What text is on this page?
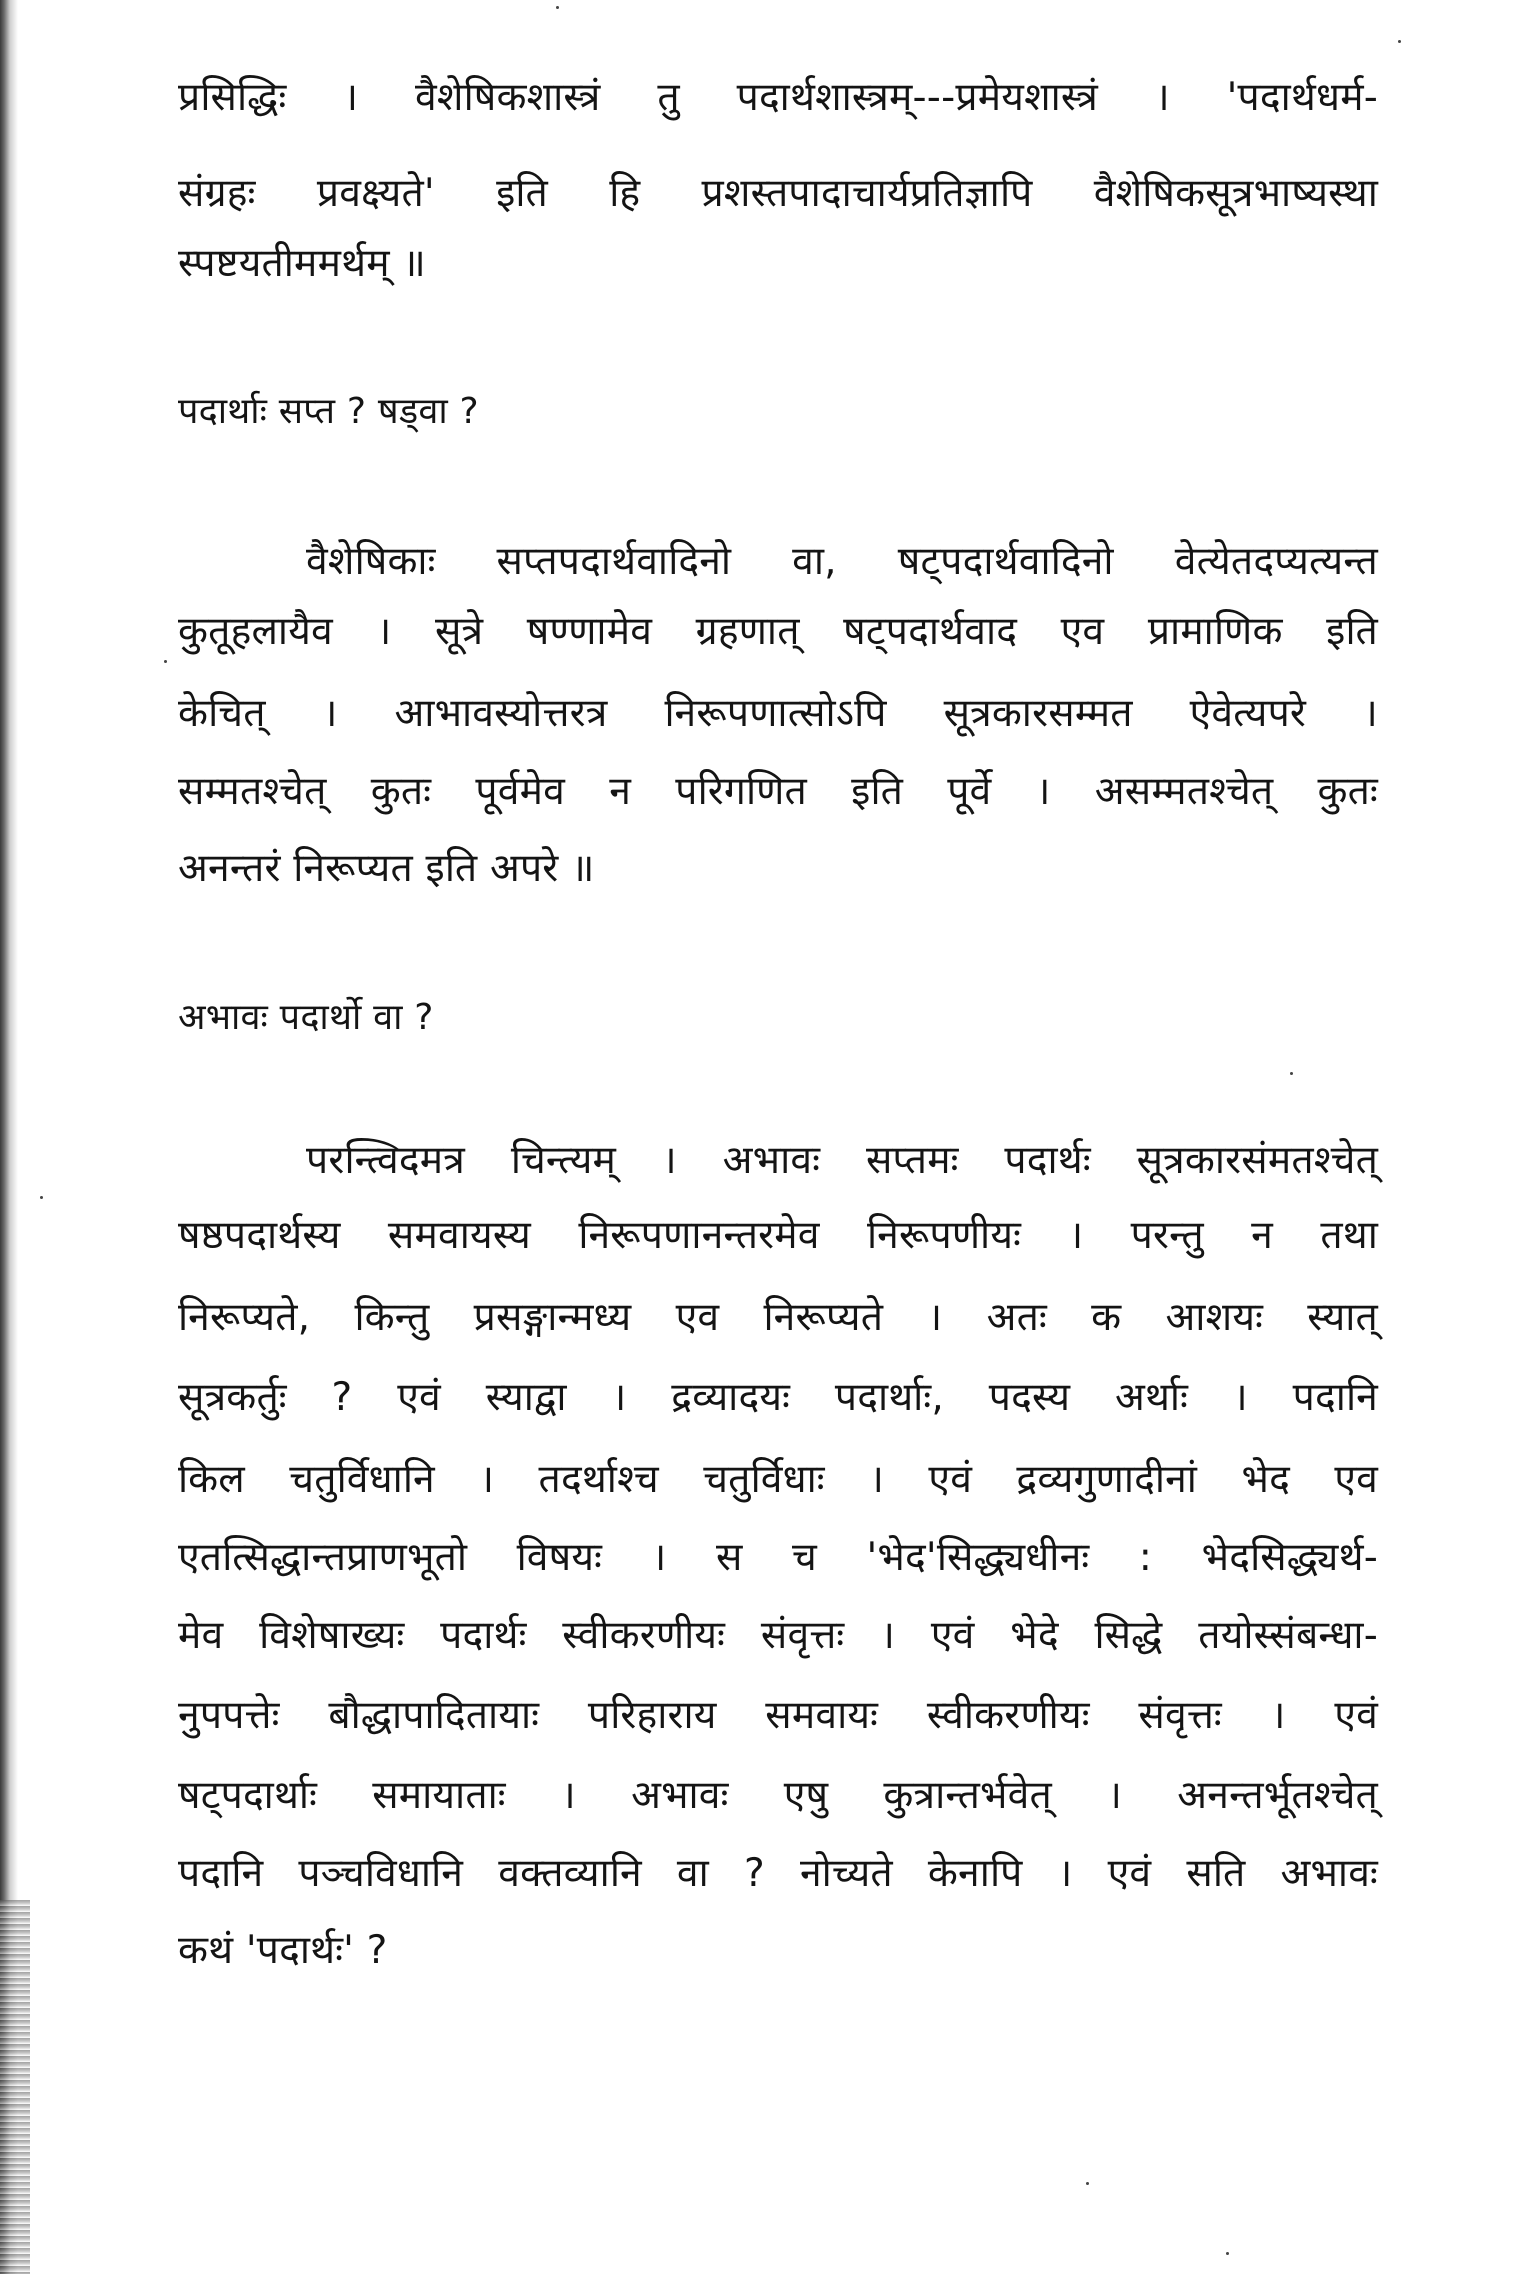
प्रसिद्धिः । वैशेषिकशास्त्रं तु पदार्थशास्त्रम्---प्रमेयशास्त्रं । 'पदार्थधर्म-
संग्रहः प्रवक्ष्यते' इति हि प्रशस्तपादाचार्यप्रतिज्ञापि वैशेषिकसूत्रभाष्यस्था
स्पष्टयतीममर्थम् ॥
पदार्थाः सप्त ? षड्वा ?
वैशेषिकाः सप्तपदार्थवादिनो वा, षट्पदार्थवादिनो वेत्येतदप्यत्यन्त
कुतूहलायैव । सूत्रे षण्णामेव ग्रहणात् षट्पदार्थवाद एव प्रामाणिक इति
केचित् । आभावस्योत्तरत्र निरूपणात्सोऽपि सूत्रकारसम्मत ऐवेत्यपरे ।
सम्मतश्चेत् कुतः पूर्वमेव न परिगणित इति पूर्वे । असम्मतश्चेत् कुतः
अनन्तरं निरूप्यत इति अपरे ॥
अभावः पदार्थो वा ?
परन्त्विदमत्र चिन्त्यम् । अभावः सप्तमः पदार्थः सूत्रकारसंमतश्चेत्
षष्ठपदार्थस्य समवायस्य निरूपणानन्तरमेव निरूपणीयः । परन्तु न तथा
निरूप्यते, किन्तु प्रसङ्गान्मध्य एव निरूप्यते । अतः क आशयः स्यात्
सूत्रकर्तुः ? एवं स्याद्वा । द्रव्यादयः पदार्थाः, पदस्य अर्थाः । पदानि
किल चतुर्विधानि । तदर्थाश्च चतुर्विधाः । एवं द्रव्यगुणादीनां भेद एव
एतत्सिद्धान्तप्राणभूतो विषयः । स च 'भेद'सिद्ध्यधीनः : भेदसिद्ध्यर्थ-
मेव विशेषाख्यः पदार्थः स्वीकरणीयः संवृत्तः । एवं भेदे सिद्धे तयोस्संबन्धा-
नुपपत्तेः बौद्धापादितायाः परिहाराय समवायः स्वीकरणीयः संवृत्तः । एवं
षट्पदार्थाः समायाताः । अभावः एषु कुत्रान्तर्भवेत् । अनन्तर्भूतश्चेत्
पदानि पञ्चविधानि वक्तव्यानि वा ? नोच्यते केनापि । एवं सति अभावः
कथं 'पदार्थः' ?
